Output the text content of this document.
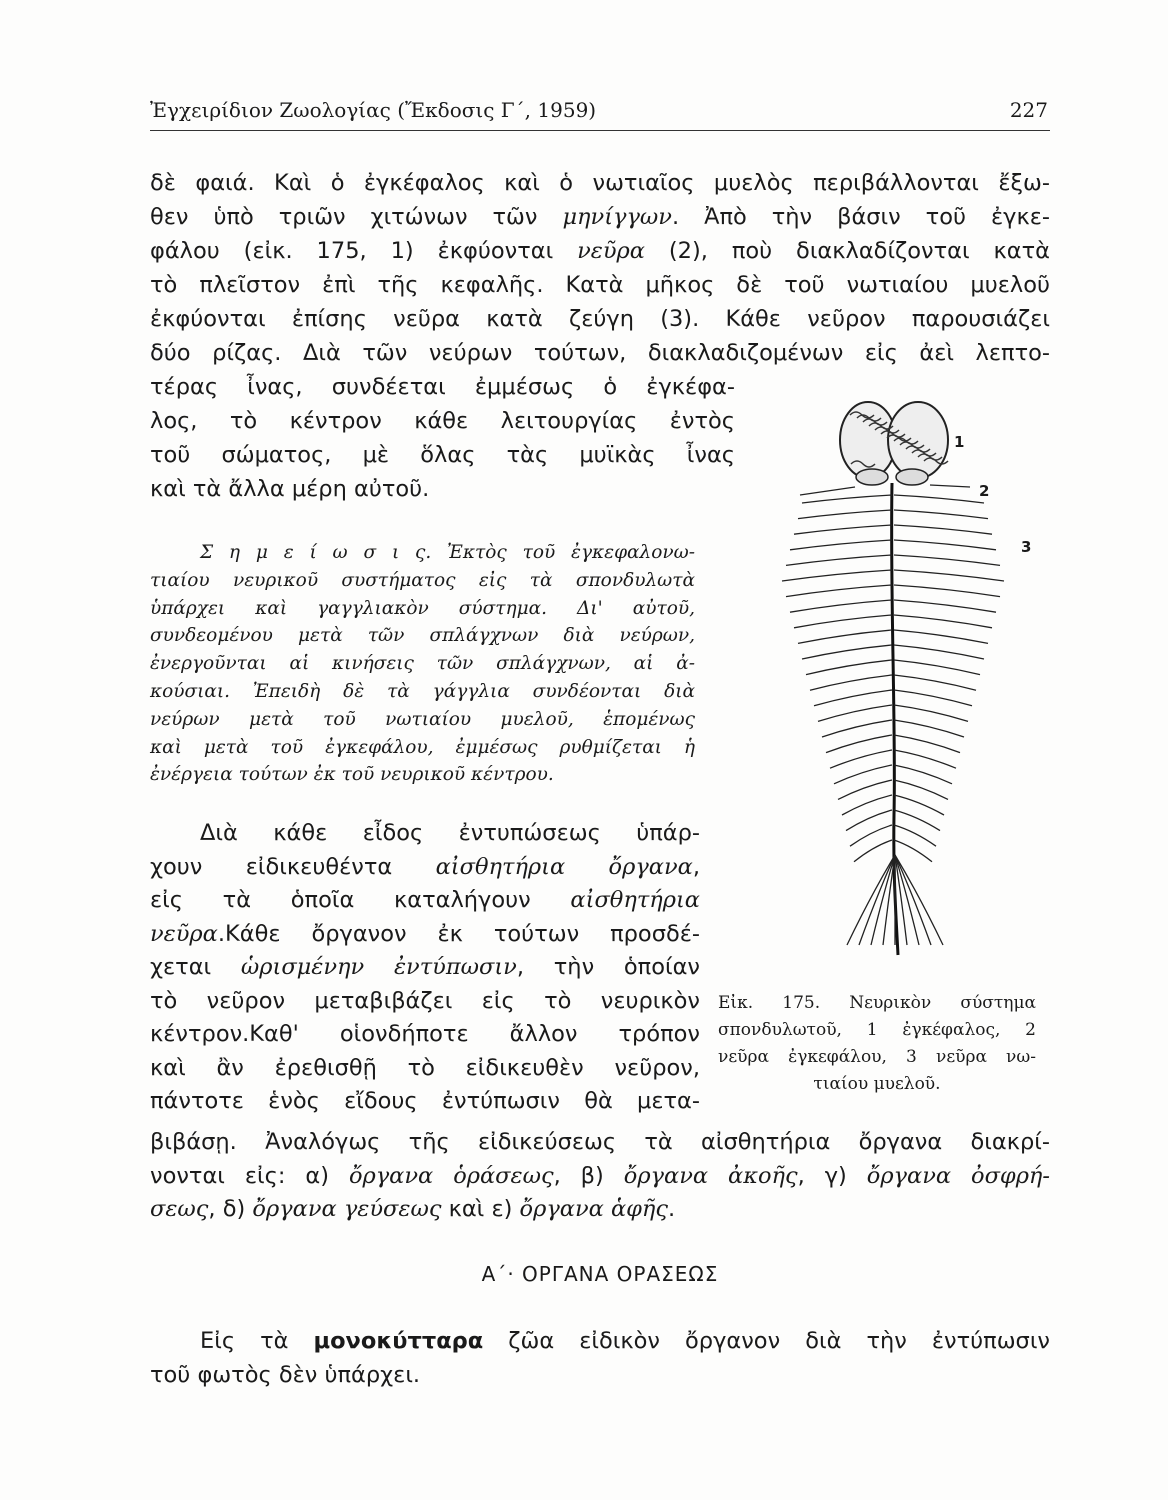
Ἐγχειρίδιον Ζωολογίας (Ἔκδοσις Γ΄, 1959)	227
δὲ φαιά. Καὶ ὁ ἐγκέφαλος καὶ ὁ νωτιαῖος μυελὸς περιβάλλονται ἔξω-
θεν ὑπὸ τριῶν χιτώνων τῶν μηνίγγων. Ἀπὸ τὴν βάσιν τοῦ ἐγκε-
φάλου (εἰκ. 175, 1) ἐκφύονται νεῦρα (2), ποὺ διακλαδίζονται κατὰ
τὸ πλεῖστον ἐπὶ τῆς κεφαλῆς. Κατὰ μῆκος δὲ τοῦ νωτιαίου μυελοῦ
ἐκφύονται ἐπίσης νεῦρα κατὰ ζεύγη (3). Κάθε νεῦρον παρουσιάζει
δύο ρίζας. Διὰ τῶν νεύρων τούτων, διακλαδιζομένων εἰς ἀεὶ λεπτο-
τέρας ἶνας, συνδέεται ἐμμέσως ὁ ἐγκέφα-
λος, τὸ κέντρον κάθε λειτουργίας ἐντὸς
τοῦ σώματος, μὲ ὅλας τὰς μυϊκὰς ἶνας
καὶ τὰ ἄλλα μέρη αὐτοῦ.
Σ η μ ε ί ω σ ι ς. Ἐκτὸς τοῦ ἐγκεφαλονω-
τιαίου νευρικοῦ συστήματος εἰς τὰ σπονδυλωτὰ
ὑπάρχει καὶ γαγγλιακὸν σύστημα. Δι' αὐτοῦ,
συνδεομένου μετὰ τῶν σπλάγχνων διὰ νεύρων,
ἐνεργοῦνται αἱ κινήσεις τῶν σπλάγχνων, αἱ ἀ-
κούσιαι. Ἐπειδὴ δὲ τὰ γάγγλια συνδέονται διὰ
νεύρων μετὰ τοῦ νωτιαίου μυελοῦ, ἑπομένως
καὶ μετὰ τοῦ ἐγκεφάλου, ἐμμέσως ρυθμίζεται ἡ
ἐνέργεια τούτων ἐκ τοῦ νευρικοῦ κέντρου.
Διὰ κάθε εἶδος ἐντυπώσεως ὑπάρ-
χουν εἰδικευθέντα αἰσθητήρια ὄργανα,
εἰς τὰ ὁποῖα καταλήγουν αἰσθητήρια
νεῦρα.Κάθε ὄργανον ἐκ τούτων προσδέ-
χεται ὡρισμένην ἐντύπωσιν, τὴν ὁποίαν
τὸ νεῦρον μεταβιβάζει εἰς τὸ νευρικὸν
κέντρον.Καθ' οἱονδήποτε ἄλλον τρόπον
καὶ ἂν ἐρεθισθῇ τὸ εἰδικευθὲν νεῦρον,
πάντοτε ἑνὸς εἴδους ἐντύπωσιν θὰ μετα-
βιβάσῃ. Ἀναλόγως τῆς εἰδικεύσεως τὰ αἰσθητήρια ὄργανα διακρί-
νονται εἰς: α) ὄργανα ὁράσεως, β) ὄργανα ἀκοῆς, γ) ὄργανα ὀσφρή-
σεως, δ) ὄργανα γεύσεως καὶ ε) ὄργανα ἁφῆς.
Α΄· ΟΡΓΑΝΑ ΟΡΑΣΕΩΣ
Εἰς τὰ μονοκύτταρα ζῶα εἰδικὸν ὄργανον διὰ τὴν ἐντύπωσιν
τοῦ φωτὸς δὲν ὑπάρχει.
1
2
3
Εἰκ. 175. Νευρικὸν σύστημα
σπονδυλωτοῦ, 1 ἐγκέφαλος, 2
νεῦρα ἐγκεφάλου, 3 νεῦρα νω-
τιαίου μυελοῦ.
